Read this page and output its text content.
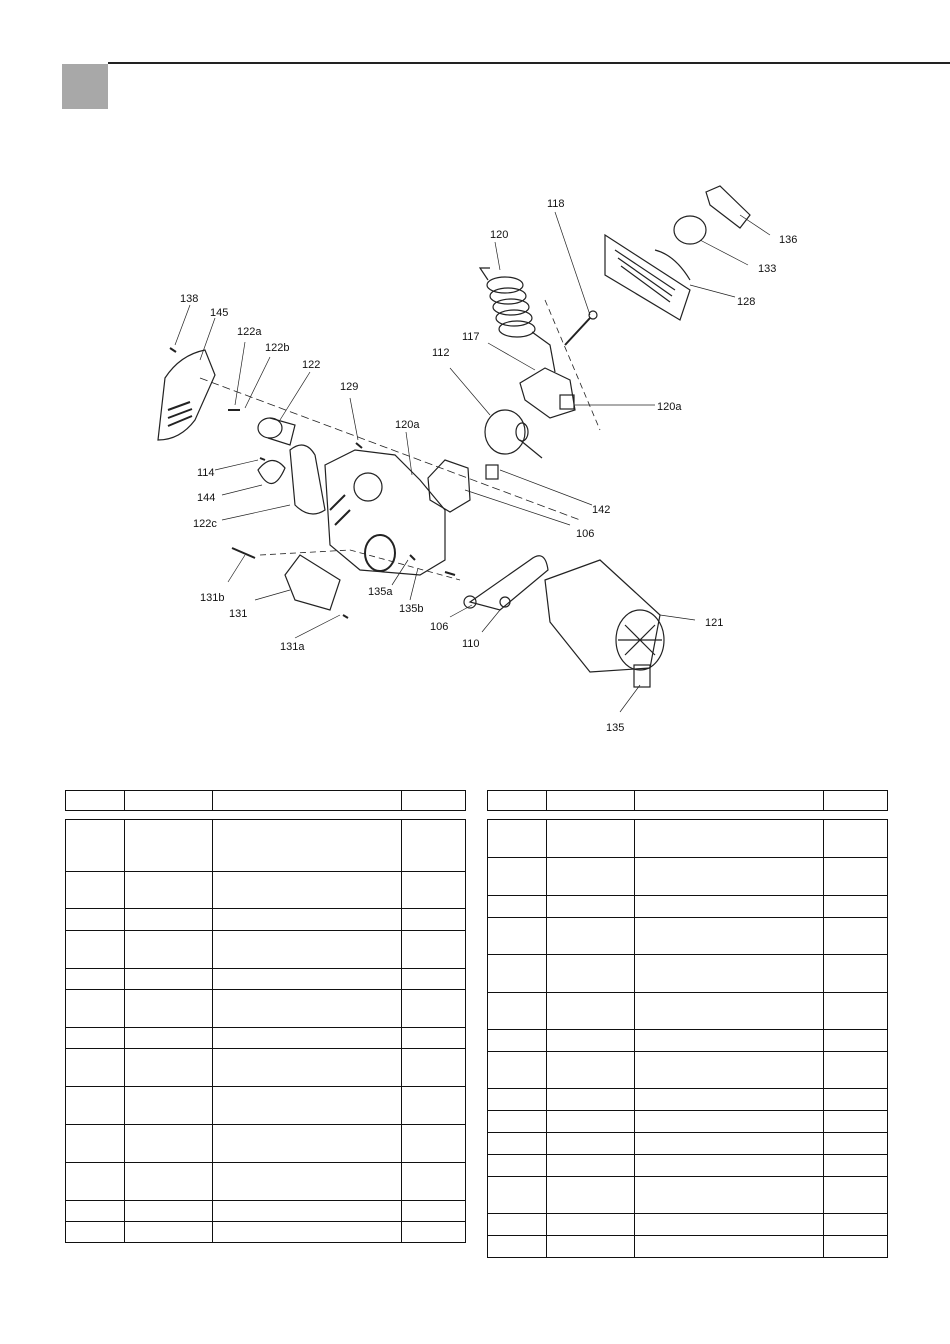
138
145
122a
122b
122
129
120a
114
144
122c
131b
131
131a
135a
135b
106
110
121
135
112
142
117
120
118
120a
128
133
136
106
